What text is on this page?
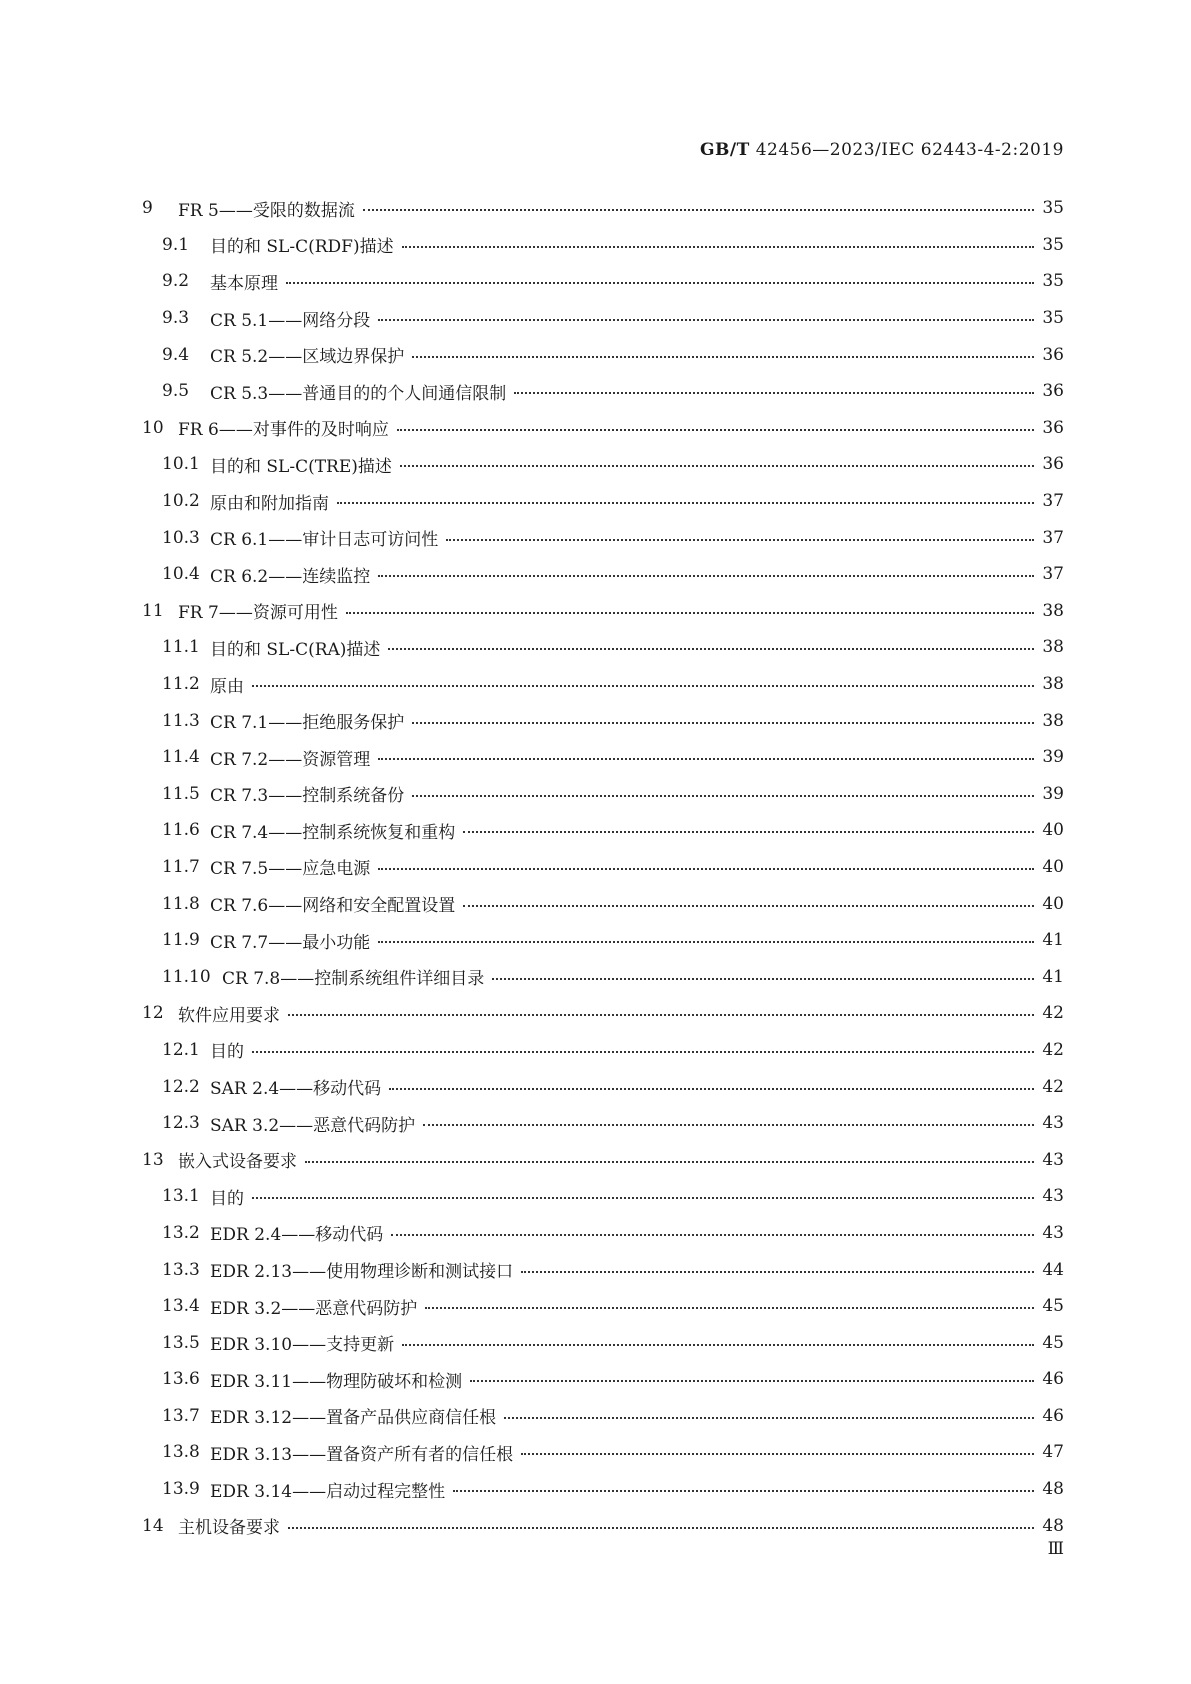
GB/T 42456—2023/IEC 62443-4-2:2019
9	FR 5——受限的数据流	35
9.1	目的和 SL-C(RDF)描述	35
9.2	基本原理	35
9.3	CR 5.1——网络分段	35
9.4	CR 5.2——区域边界保护	36
9.5	CR 5.3——普通目的的个人间通信限制	36
10 FR 6——对事件的及时响应	36
10.1 目的和 SL-C(TRE)描述	36
10.2 原由和附加指南	37
10.3 CR 6.1——审计日志可访问性	37
10.4 CR 6.2——连续监控	37
11 FR 7——资源可用性	38
11.1 目的和 SL-C(RA)描述	38
11.2 原由	38
11.3 CR 7.1——拒绝服务保护	38
11.4 CR 7.2——资源管理	39
11.5 CR 7.3——控制系统备份	39
11.6 CR 7.4——控制系统恢复和重构	40
11.7 CR 7.5——应急电源	40
11.8 CR 7.6——网络和安全配置设置	40
11.9 CR 7.7——最小功能	41
11.10 CR 7.8——控制系统组件详细目录	41
12 软件应用要求	42
12.1 目的	42
12.2 SAR 2.4——移动代码	42
12.3 SAR 3.2——恶意代码防护	43
13 嵌入式设备要求	43
13.1 目的	43
13.2 EDR 2.4——移动代码	43
13.3 EDR 2.13——使用物理诊断和测试接口	44
13.4 EDR 3.2——恶意代码防护	45
13.5 EDR 3.10——支持更新	45
13.6 EDR 3.11——物理防破坏和检测	46
13.7 EDR 3.12——置备产品供应商信任根	46
13.8 EDR 3.13——置备资产所有者的信任根	47
13.9 EDR 3.14——启动过程完整性	48
14 主机设备要求	48
Ⅲ
